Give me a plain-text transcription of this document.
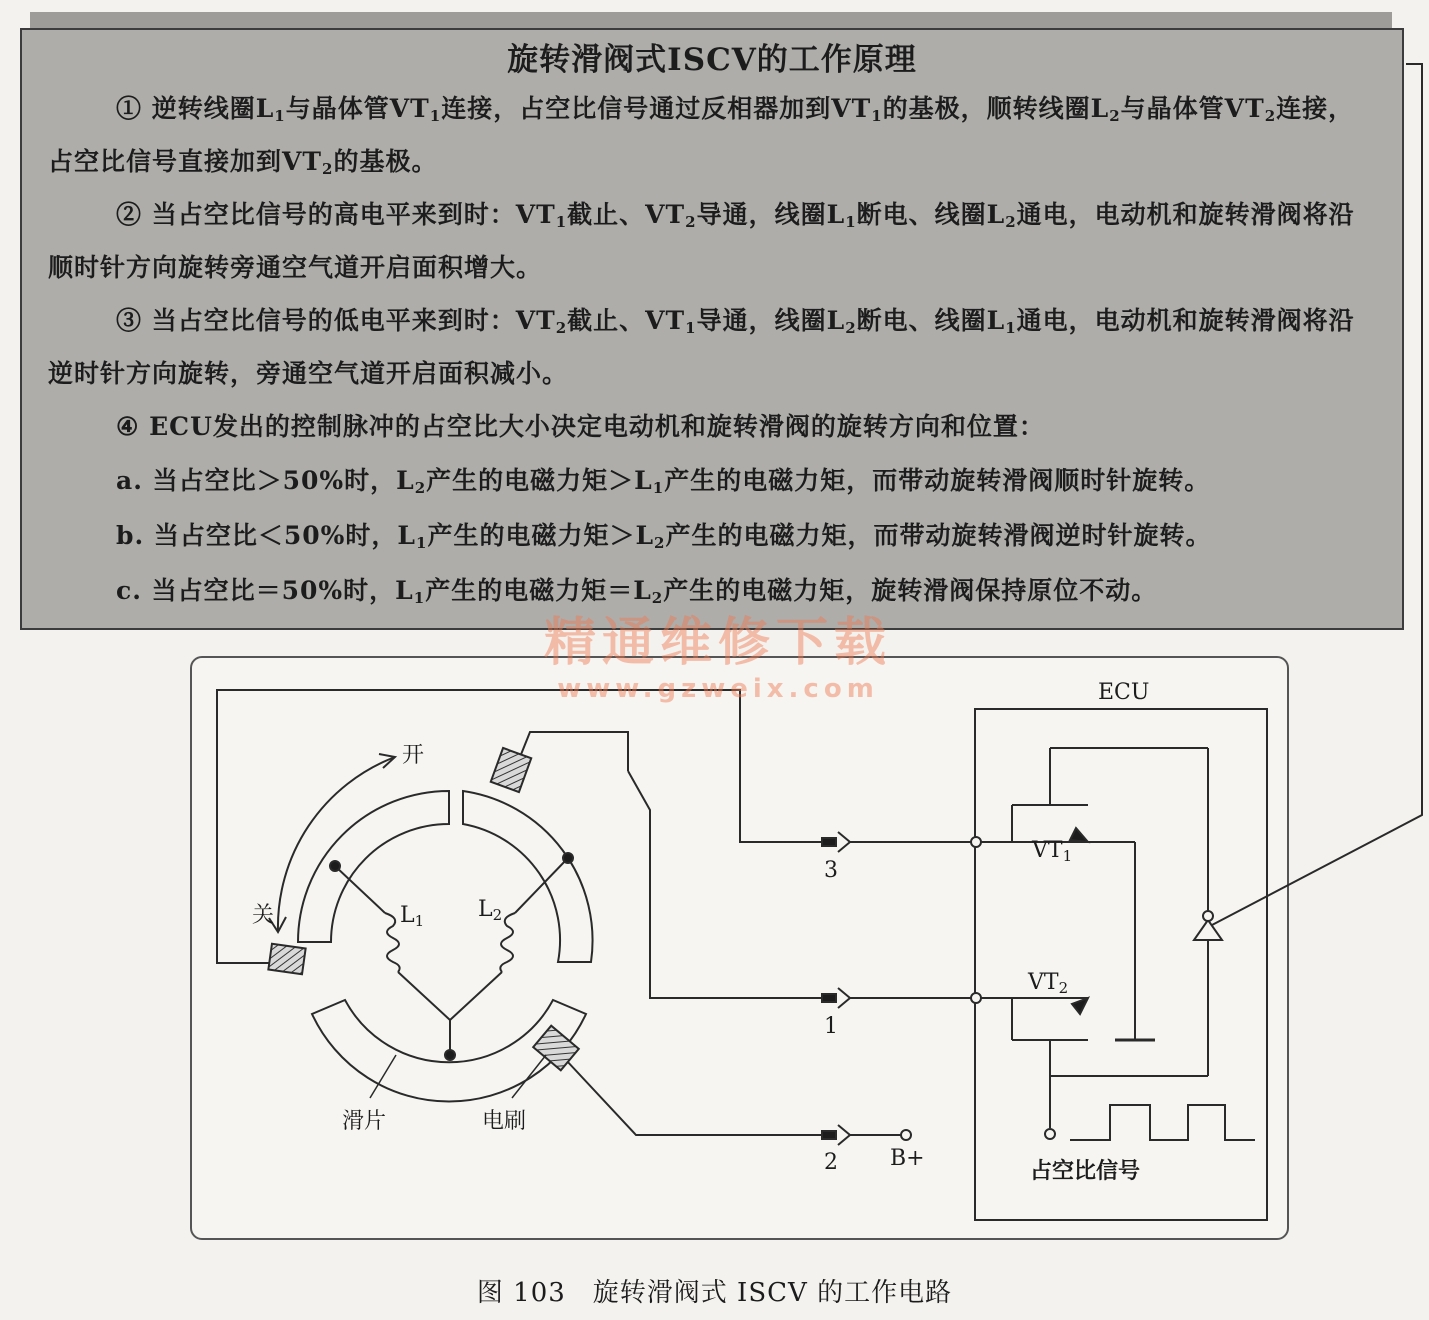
旋转滑阀式ISCV的工作原理

① 逆转线圈$L_1$与晶体管$VT_1$连接，占空比信号通过反相器加到$VT_1$的基极，顺转线圈$L_2$与晶体管$VT_2$连接，占空比信号直接加到$VT_2$的基极。

② 当占空比信号的高电平来到时：$VT_1$截止、$VT_2$导通，线圈$L_1$断电、线圈$L_2$通电，电动机和旋转滑阀将沿顺时针方向旋转旁通空气道开启面积增大。

③ 当占空比信号的低电平来到时：$VT_2$截止、$VT_1$导通，线圈$L_2$断电、线圈$L_1$通电，电动机和旋转滑阀将沿逆时针方向旋转，旁通空气道开启面积减小。

④ ECU发出的控制脉冲的占空比大小决定电动机和旋转滑阀的旋转方向和位置：

a. 当占空比＞50%时，$L_2$产生的电磁力矩$>L_1$产生的电磁力矩，而带动旋转滑阀顺时针旋转。

b. 当占空比＜50%时，$L_1$产生的电磁力矩$>L_2$产生的电磁力矩，而带动旋转滑阀逆时针旋转。

c. 当占空比＝50%时，$L_1$产生的电磁力矩$=L_2$产生的电磁力矩，旋转滑阀保持原位不动。

ECU
$VT_1$
$VT_2$
$L_1$ $L_2$
开
关
滑片	电刷
3
1
2 B+
占空比信号
精通维修下载
www.gzweix.com
图 103　旋转滑阀式 ISCV 的工作电路
